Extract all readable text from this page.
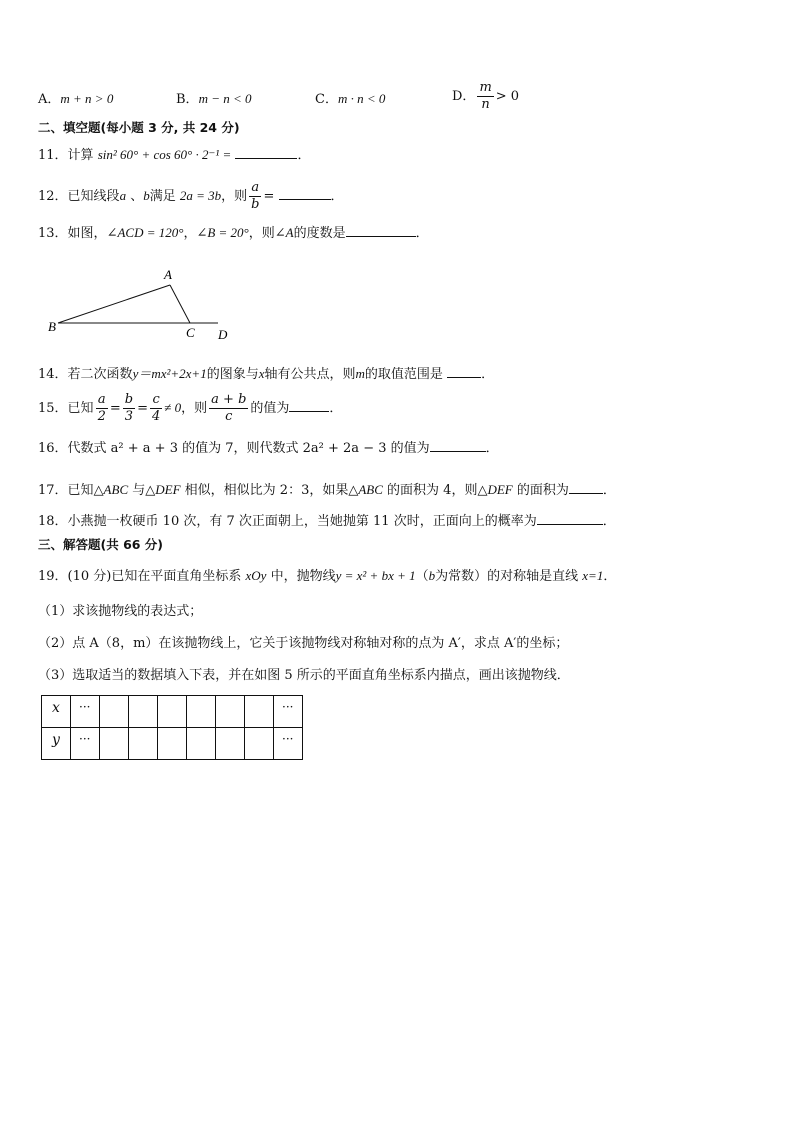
A．m + n > 0	B．m − n < 0	C．m · n < 0	D． $\frac{m}{n} > 0$
二、填空题(每小题 3 分, 共 24 分)
11．计算 sin² 60° + cos 60° · 2⁻¹ =	．
12．已知线段a 、b满足 2a = 3b，则 $\frac{a}{b}$ =	．
13．如图，∠ACD = 120°，∠B = 20°，则∠A的度数是	．
A
B	C D
14．若二次函数y＝mx²+2x+1的图象与x轴有公共点，则m的取值范围是	．
15．已知 $\frac{a}{2} = \frac{b}{3} = \frac{c}{4} \ne 0$，则 $\frac{a + b}{c}$ 的值为	．
16．代数式 a² + a + 3 的值为 7，则代数式 2a² + 2a − 3 的值为	．
17．已知△ABC 与△DEF 相似，相似比为 2：3，如果△ABC 的面积为 4，则△DEF 的面积为	．
18．小燕抛一枚硬币 10 次，有 7 次正面朝上，当她抛第 11 次时，正面向上的概率为	．
三、解答题(共 66 分)
19．(10 分)已知在平面直角坐标系 xOy 中，抛物线y = x² + bx + 1（b为常数）的对称轴是直线 x=1．
（1）求该抛物线的表达式；
（2）点 A（8，m）在该抛物线上，它关于该抛物线对称轴对称的点为 A′，求点 A′的坐标；
（3）选取适当的数据填入下表，并在如图 5 所示的平面直角坐标系内描点，画出该抛物线．
x	···							···
y	···							···
